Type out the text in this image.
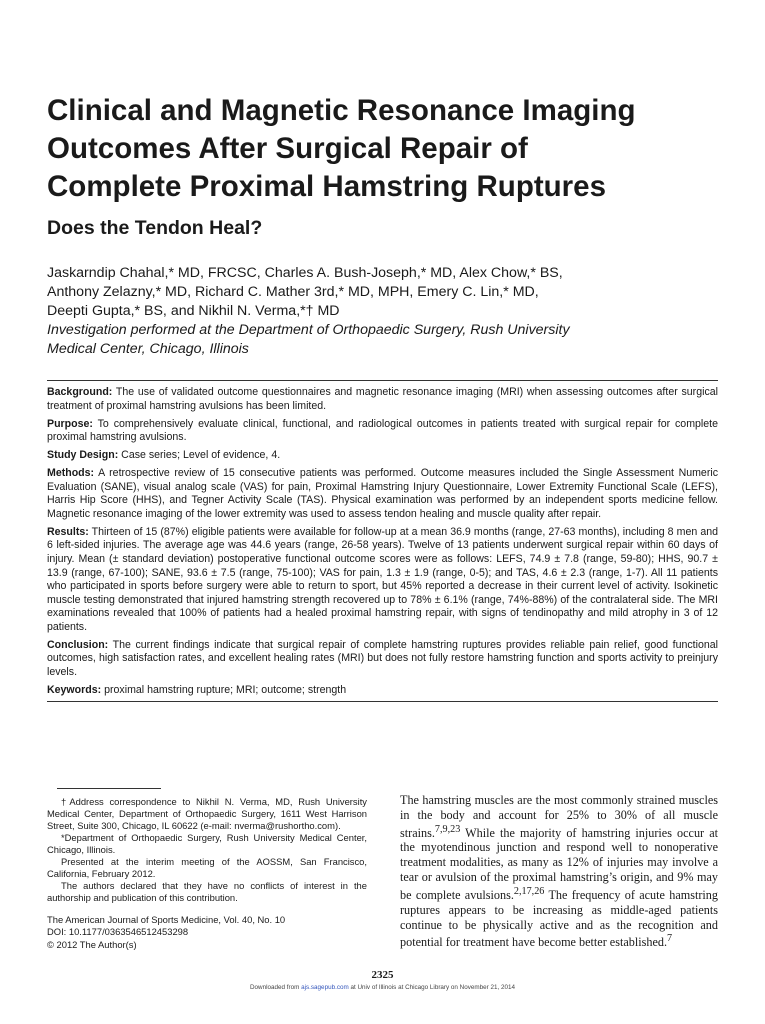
Clinical and Magnetic Resonance Imaging
Outcomes After Surgical Repair of
Complete Proximal Hamstring Ruptures
Does the Tendon Heal?
Jaskarndip Chahal,* MD, FRCSC, Charles A. Bush-Joseph,* MD, Alex Chow,* BS,
Anthony Zelazny,* MD, Richard C. Mather 3rd,* MD, MPH, Emery C. Lin,* MD,
Deepti Gupta,* BS, and Nikhil N. Verma,*† MD
Investigation performed at the Department of Orthopaedic Surgery, Rush University
Medical Center, Chicago, Illinois

Background: The use of validated outcome questionnaires and magnetic resonance imaging (MRI) when assessing outcomes after surgical treatment of proximal hamstring avulsions has been limited.

Purpose: To comprehensively evaluate clinical, functional, and radiological outcomes in patients treated with surgical repair for complete proximal hamstring avulsions.

Study Design: Case series; Level of evidence, 4.

Methods: A retrospective review of 15 consecutive patients was performed. Outcome measures included the Single Assessment Numeric Evaluation (SANE), visual analog scale (VAS) for pain, Proximal Hamstring Injury Questionnaire, Lower Extremity Functional Scale (LEFS), Harris Hip Score (HHS), and Tegner Activity Scale (TAS). Physical examination was performed by an independent sports medicine fellow. Magnetic resonance imaging of the lower extremity was used to assess tendon healing and muscle quality after repair.

Results: Thirteen of 15 (87%) eligible patients were available for follow-up at a mean 36.9 months (range, 27-63 months), including 8 men and 6 left-sided injuries. The average age was 44.6 years (range, 26-58 years). Twelve of 13 patients underwent surgical repair within 60 days of injury. Mean (± standard deviation) postoperative functional outcome scores were as follows: LEFS, 74.9 ± 7.8 (range, 59-80); HHS, 90.7 ± 13.9 (range, 67-100); SANE, 93.6 ± 7.5 (range, 75-100); VAS for pain, 1.3 ± 1.9 (range, 0-5); and TAS, 4.6 ± 2.3 (range, 1-7). All 11 patients who participated in sports before surgery were able to return to sport, but 45% reported a decrease in their current level of activity. Isokinetic muscle testing demonstrated that injured hamstring strength recovered up to 78% ± 6.1% (range, 74%-88%) of the contralateral side. The MRI examinations revealed that 100% of patients had a healed proximal hamstring repair, with signs of tendinopathy and mild atrophy in 3 of 12 patients.

Conclusion: The current findings indicate that surgical repair of complete hamstring ruptures provides reliable pain relief, good functional outcomes, high satisfaction rates, and excellent healing rates (MRI) but does not fully restore hamstring function and sports activity to preinjury levels.

Keywords: proximal hamstring rupture; MRI; outcome; strength

†Address correspondence to Nikhil N. Verma, MD, Rush University Medical Center, Department of Orthopaedic Surgery, 1611 West Harrison Street, Suite 300, Chicago, IL 60622 (e-mail: nverma@rushortho.com).

*Department of Orthopaedic Surgery, Rush University Medical Center, Chicago, Illinois.

Presented at the interim meeting of the AOSSM, San Francisco, California, February 2012.

The authors declared that they have no conflicts of interest in the authorship and publication of this contribution.

The American Journal of Sports Medicine, Vol. 40, No. 10
DOI: 10.1177/0363546512453298
© 2012 The Author(s)

The hamstring muscles are the most commonly strained muscles in the body and account for 25% to 30% of all muscle strains.$^{7,9,23}$ While the majority of hamstring injuries occur at the myotendinous junction and respond well to nonoperative treatment modalities, as many as 12% of injuries may involve a tear or avulsion of the proximal hamstring’s origin, and 9% may be complete avulsions.$^{2,17,26}$ The frequency of acute hamstring ruptures appears to be increasing as middle-aged patients continue to be physically active and as the recognition and potential for treatment have become better established.$^7$

2325
Downloaded from ajs.sagepub.com at Univ of Illinois at Chicago Library on November 21, 2014
